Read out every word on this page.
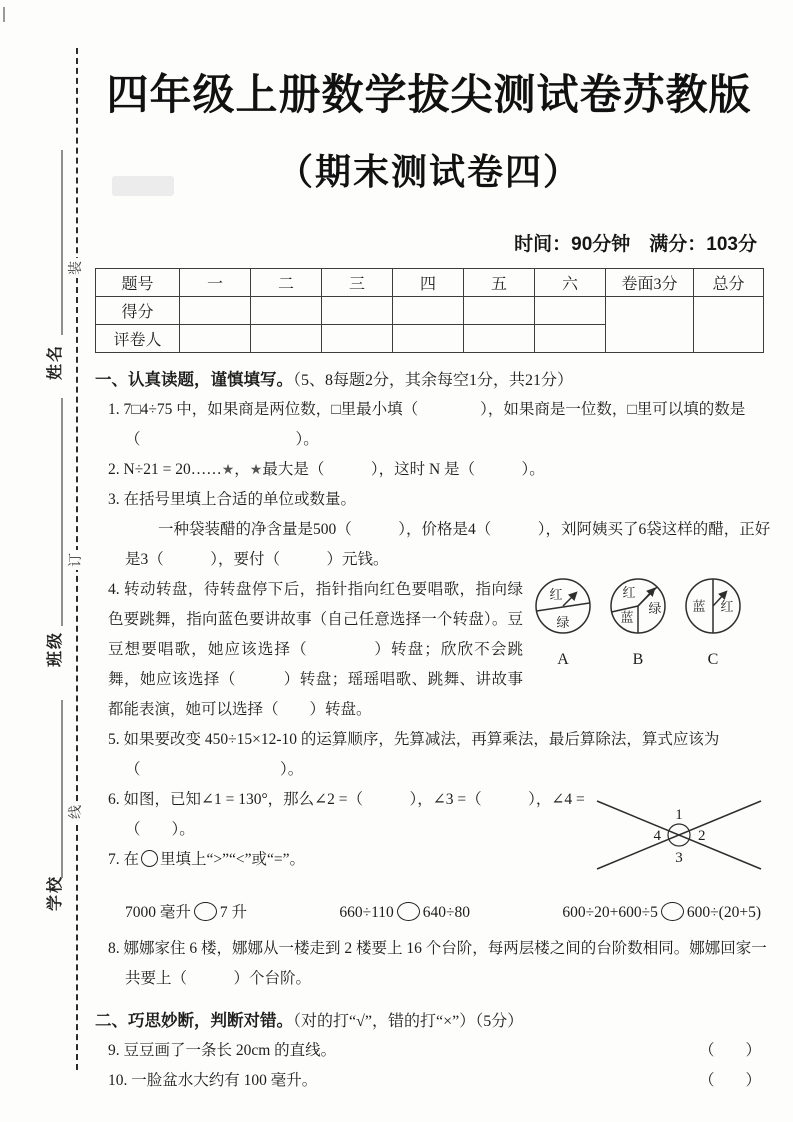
装
订
线
姓名
班级
学校
四年级上册数学拔尖测试卷苏教版
（期末测试卷四）
时间：90分钟　满分：103分
题号	一	二	三	四	五	六	卷面3分	总分
得分								
评卷人								
一、认真读题，谨慎填写。（5、8每题2分，其余每空1分，共21分）
1. 7□4÷75 中，如果商是两位数，□里最小填（　　　　），如果商是一位数，□里可以填的数是
（　　　　　　　　　　）。
2. N÷21 = 20……★，★最大是（　　　），这时 N 是（　　　）。
3. 在括号里填上合适的单位或数量。
一种袋装醋的净含量是500（　　　），价格是4（　　　），刘阿姨买了6袋这样的醋，正好
是3（　　　），要付（　　　）元钱。
红
绿
A
红
蓝
绿
B
蓝 红
C
4. 转动转盘，待转盘停下后，指针指向红色要唱歌，指向绿色要跳舞，指向蓝色要讲故事（自己任意选择一个转盘）。豆豆想要唱歌，她应该选择（　　　　）转盘；欣欣不会跳舞，她应该选择（　　　）转盘；瑶瑶唱歌、跳舞、讲故事都能表演，她可以选择（　　）转盘。
5. 如果要改变 450÷15×12-10 的运算顺序，先算减法，再算乘法，最后算除法，算式应该为
（　　　　　　　　　）。
1
2
3
4
6. 如图，已知∠1 = 130°，那么∠2 =（　　　），∠3 =（　　　），∠4 =
（　　）。
7. 在 里填上“>”“<”或“=”。
7000 毫升 7 升	660÷110 640÷80	600÷20+600÷5 600÷(20+5)
8. 娜娜家住 6 楼，娜娜从一楼走到 2 楼要上 16 个台阶，每两层楼之间的台阶数相同。娜娜回家一
共要上（　　　）个台阶。
二、巧思妙断，判断对错。（对的打“√”，错的打“×”）（5分）
9. 豆豆画了一条长 20cm 的直线。	（　　）
10. 一脸盆水大约有 100 毫升。	（　　）
